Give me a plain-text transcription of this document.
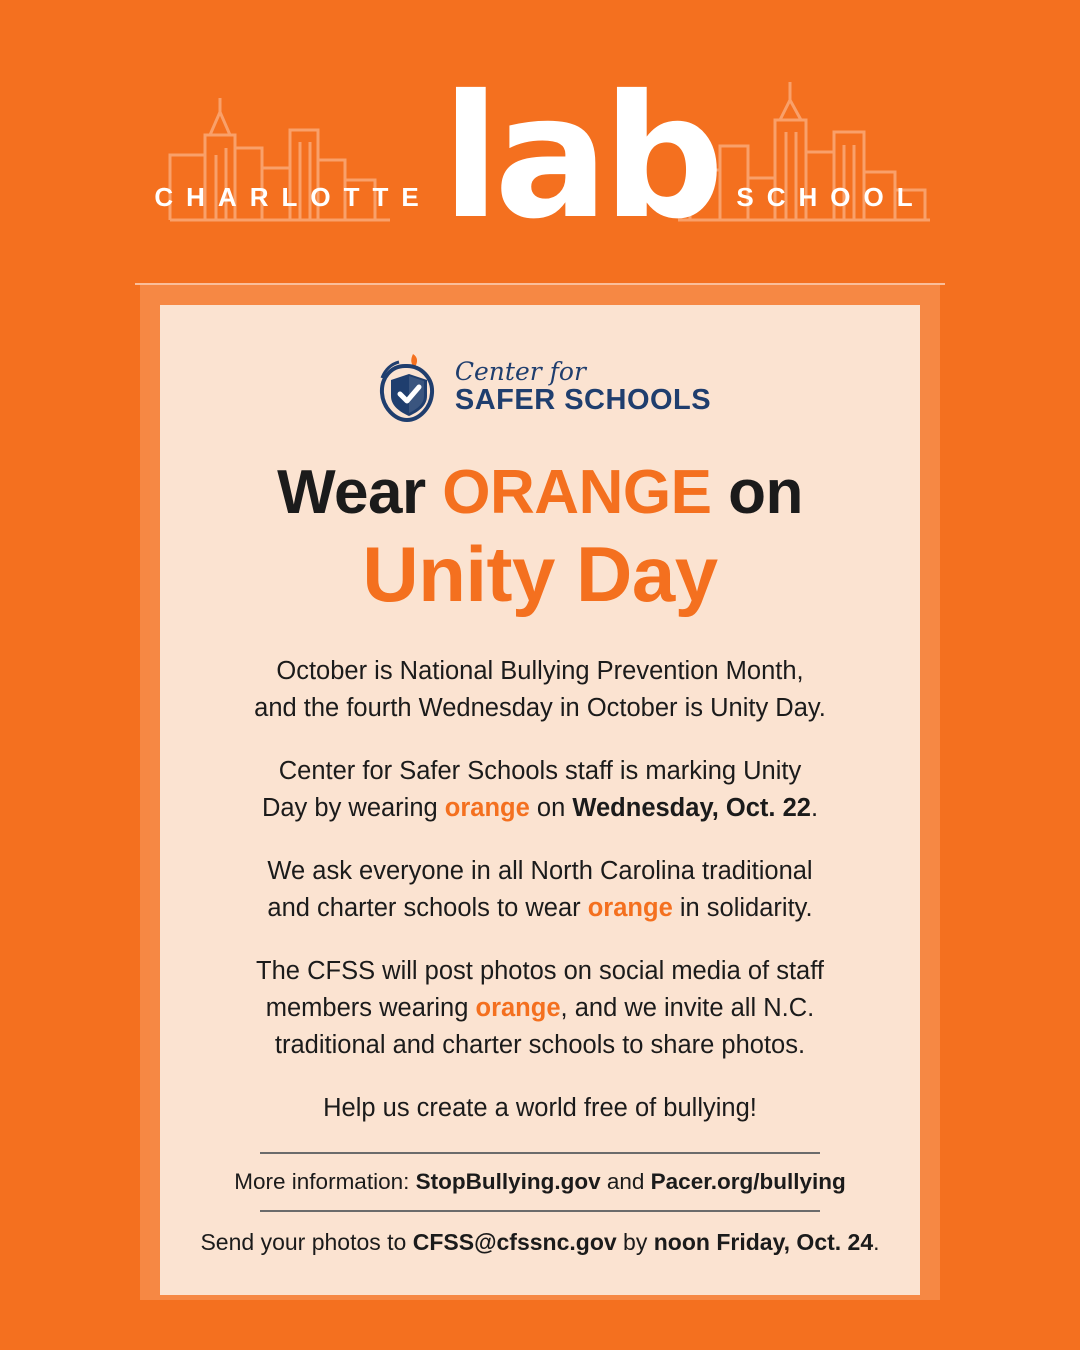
CHARLOTTE lab SCHOOL
Center for
SAFER SCHOOLS
Wear ORANGE on
Unity Day

October is National Bullying Prevention Month,
and the fourth Wednesday in October is Unity Day.

Center for Safer Schools staff is marking Unity
Day by wearing orange on Wednesday, Oct. 22.

We ask everyone in all North Carolina traditional
and charter schools to wear orange in solidarity.

The CFSS will post photos on social media of staff
members wearing orange, and we invite all N.C.
traditional and charter schools to share photos.

Help us create a world free of bullying!

More information: StopBullying.gov and Pacer.org/bullying
Send your photos to CFSS@cfssnc.gov by noon Friday, Oct. 24.
